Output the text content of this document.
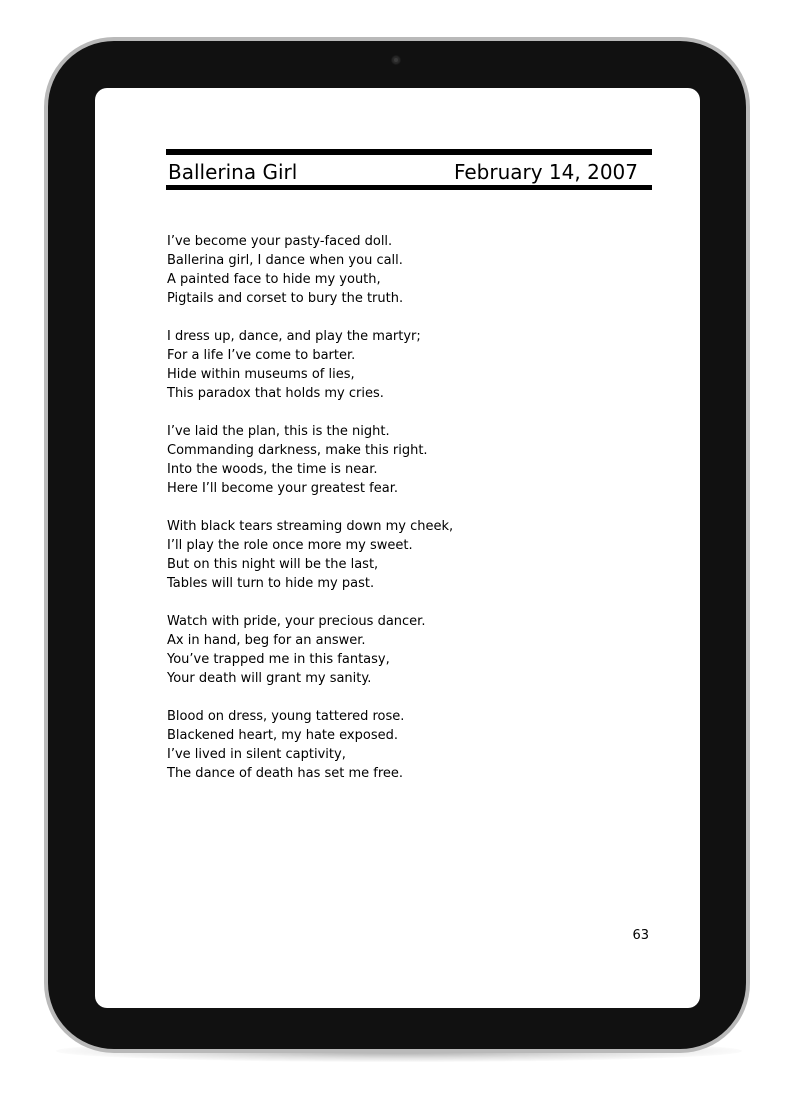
Ballerina Girl	February 14, 2007
I’ve become your pasty-faced doll.
Ballerina girl, I dance when you call.
A painted face to hide my youth,
Pigtails and corset to bury the truth.
I dress up, dance, and play the martyr;
For a life I’ve come to barter.
Hide within museums of lies,
This paradox that holds my cries.
I’ve laid the plan, this is the night.
Commanding darkness, make this right.
Into the woods, the time is near.
Here I’ll become your greatest fear.
With black tears streaming down my cheek,
I’ll play the role once more my sweet.
But on this night will be the last,
Tables will turn to hide my past.
Watch with pride, your precious dancer.
Ax in hand, beg for an answer.
You’ve trapped me in this fantasy,
Your death will grant my sanity.
Blood on dress, young tattered rose.
Blackened heart, my hate exposed.
I’ve lived in silent captivity,
The dance of death has set me free.
63
